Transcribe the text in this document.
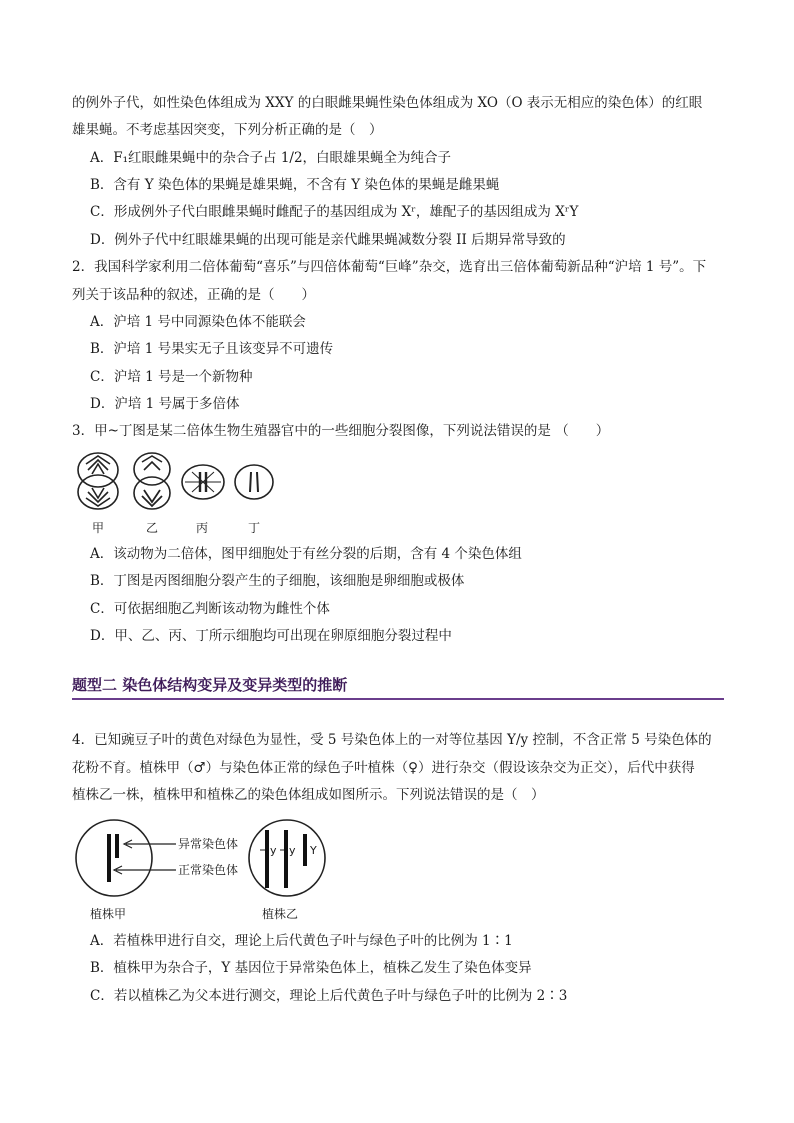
的例外子代，如性染色体组成为 XXY 的白眼雌果蝇性染色体组成为 XO（O 表示无相应的染色体）的红眼
雄果蝇。不考虑基因突变，下列分析正确的是（　）
A．F₁红眼雌果蝇中的杂合子占 1/2，白眼雄果蝇全为纯合子
B．含有 Y 染色体的果蝇是雄果蝇，不含有 Y 染色体的果蝇是雌果蝇
C．形成例外子代白眼雌果蝇时雌配子的基因组成为 Xʳ，雄配子的基因组成为 XʳY
D．例外子代中红眼雄果蝇的出现可能是亲代雌果蝇减数分裂 II 后期异常导致的
2．我国科学家利用二倍体葡萄“喜乐”与四倍体葡萄“巨峰”杂交，选育出三倍体葡萄新品种“沪培 1 号”。下
列关于该品种的叙述，正确的是（　　）
A．沪培 1 号中同源染色体不能联会
B．沪培 1 号果实无子且该变异不可遗传
C．沪培 1 号是一个新物种
D．沪培 1 号属于多倍体
3．甲~丁图是某二倍体生物生殖器官中的一些细胞分裂图像，下列说法错误的是 （　　）
甲	乙	丙	丁
A．该动物为二倍体，图甲细胞处于有丝分裂的后期，含有 4 个染色体组
B．丁图是丙图细胞分裂产生的子细胞，该细胞是卵细胞或极体
C．可依据细胞乙判断该动物为雌性个体
D．甲、乙、丙、丁所示细胞均可出现在卵原细胞分裂过程中
题型二 染色体结构变异及变异类型的推断
4．已知豌豆子叶的黄色对绿色为显性，受 5 号染色体上的一对等位基因 Y/y 控制，不含正常 5 号染色体的
花粉不育。植株甲（♂）与染色体正常的绿色子叶植株（♀）进行杂交（假设该杂交为正交），后代中获得
植株乙一株，植株甲和植株乙的染色体组成如图所示。下列说法错误的是（　）
异常染色体
正常染色体
y y Y
植株甲	植株乙
A．若植株甲进行自交，理论上后代黄色子叶与绿色子叶的比例为 1∶1
B．植株甲为杂合子，Y 基因位于异常染色体上，植株乙发生了染色体变异
C．若以植株乙为父本进行测交，理论上后代黄色子叶与绿色子叶的比例为 2∶3
